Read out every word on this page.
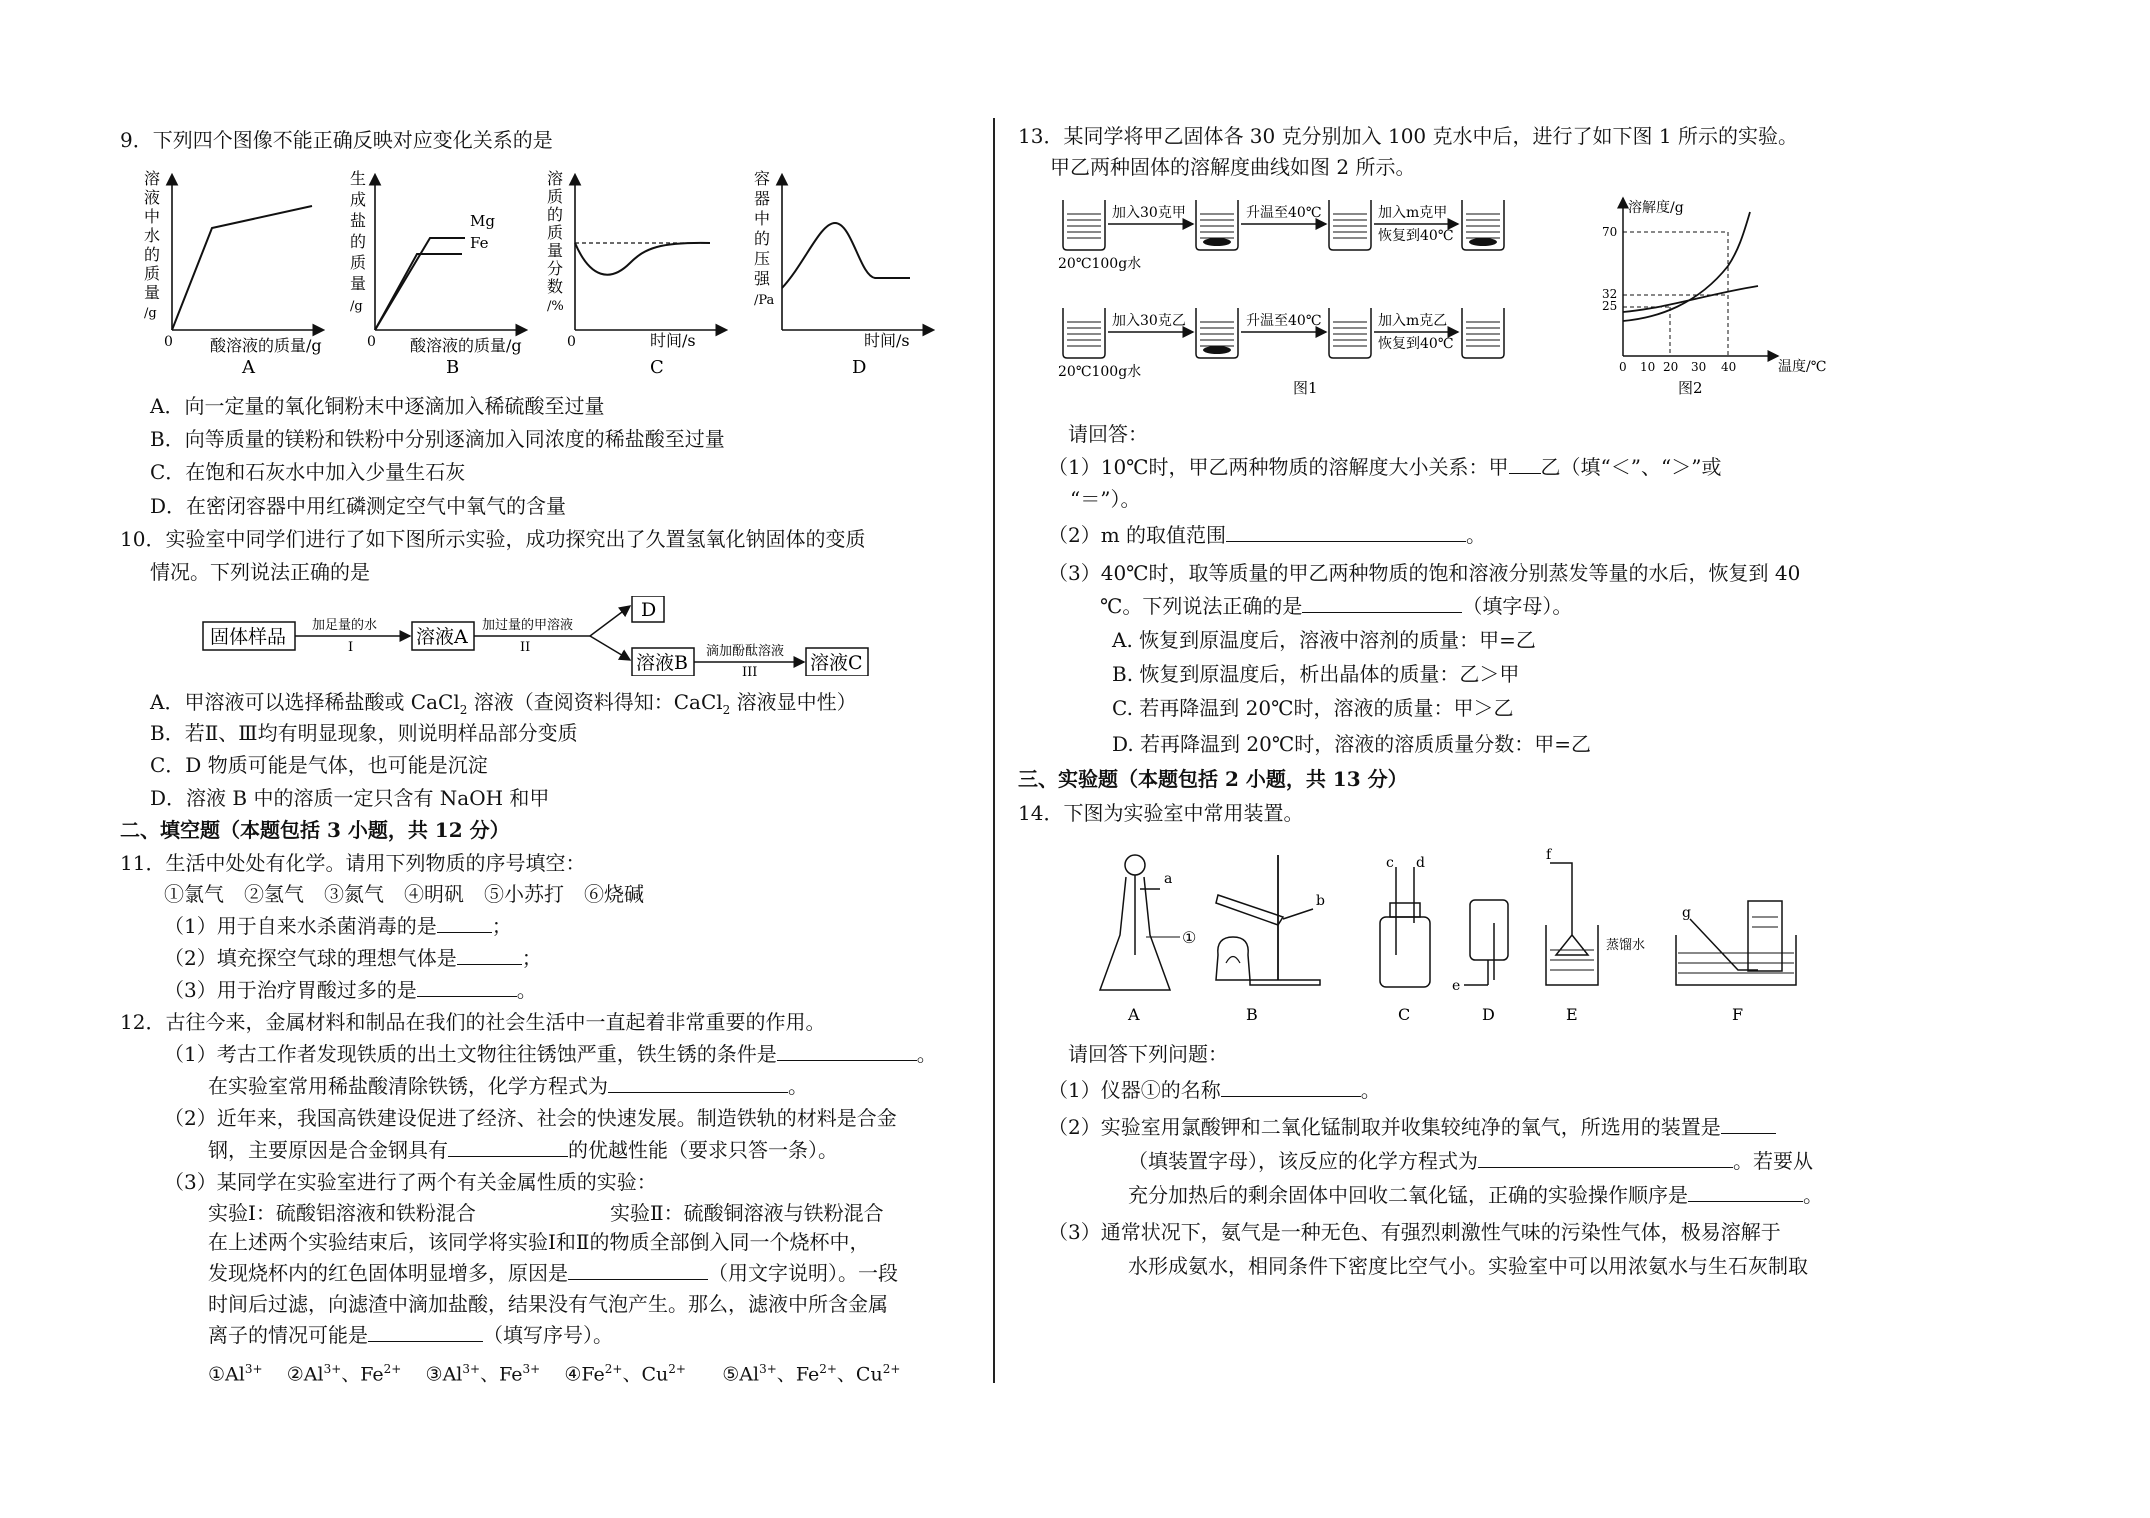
9．下列四个图像不能正确反映对应变化关系的是
0 酸溶液的质量/g
A
溶
液
中
水
的
质
量
/g
Mg
Fe
0 酸溶液的质量/g
B
生
成
盐
的
质
量
/g
0	时间/s
C
溶
质
的
质
量
分
数
/%
时间/s
D
容
器
中
的
压
强
/Pa
A．向一定量的氧化铜粉末中逐滴加入稀硫酸至过量
B．向等质量的镁粉和铁粉中分别逐滴加入同浓度的稀盐酸至过量
C．在饱和石灰水中加入少量生石灰
D．在密闭容器中用红磷测定空气中氧气的含量
10．实验室中同学们进行了如下图所示实验，成功探究出了久置氢氧化钠固体的变质
情况。下列说法正确的是
固体样品
加足量的水
I	溶液A
加过量的甲溶液
II
D
溶液B
滴加酚酞溶液
III	溶液C
A．甲溶液可以选择稀盐酸或 CaCl$_2$ 溶液（查阅资料得知：CaCl$_2$ 溶液显中性）
B．若Ⅱ、Ⅲ均有明显现象，则说明样品部分变质
C．D 物质可能是气体，也可能是沉淀
D．溶液 B 中的溶质一定只含有 NaOH 和甲
二、填空题（本题包括 3 小题，共 12 分）
11．生活中处处有化学。请用下列物质的序号填空：
①氯气　②氢气　③氮气　④明矾　⑤小苏打　⑥烧碱
（1）用于自来水杀菌消毒的是	；
（2）填充探空气球的理想气体是	；
（3）用于治疗胃酸过多的是	。
12．古往今来，金属材料和制品在我们的社会生活中一直起着非常重要的作用。
（1）考古工作者发现铁质的出土文物往往锈蚀严重，铁生锈的条件是	。
在实验室常用稀盐酸清除铁锈，化学方程式为	。
（2）近年来，我国高铁建设促进了经济、社会的快速发展。制造铁轨的材料是合金
钢，主要原因是合金钢具有	的优越性能（要求只答一条）。
（3）某同学在实验室进行了两个有关金属性质的实验：
实验Ⅰ：硫酸铝溶液和铁粉混合	实验Ⅱ：硫酸铜溶液与铁粉混合
在上述两个实验结束后，该同学将实验Ⅰ和Ⅱ的物质全部倒入同一个烧杯中，
发现烧杯内的红色固体明显增多，原因是	（用文字说明）。一段
时间后过滤，向滤渣中滴加盐酸，结果没有气泡产生。那么，滤液中所含金属
离子的情况可能是	（填写序号）。
$①Al^{3+}$ $②Al^{3+}$、$Fe^{2+}$ $③Al^{3+}$、$Fe^{3+}$ $④Fe^{2+}$、$Cu^{2+}$ $⑤Al^{3+}$、$Fe^{2+}$、$Cu^{2+}$
13．某同学将甲乙固体各 30 克分别加入 100 克水中后，进行了如下图 1 所示的实验。
甲乙两种固体的溶解度曲线如图 2 所示。
加入30克甲	升温至40℃	加入m克甲
恢复到40℃
20℃100g水
加入30克乙	升温至40℃	加入m克乙
恢复到40℃
20℃100g水
图1
溶解度/g
温度/℃
70
32
25
0 10 20 30 40
图2
请回答：
（1）10℃时，甲乙两种物质的溶解度大小关系：甲 乙（填“＜”、“＞”或
“＝”）。
（2）m 的取值范围	。
（3）40℃时，取等质量的甲乙两种物质的饱和溶液分别蒸发等量的水后，恢复到 40
℃。下列说法正确的是	（填字母）。
A. 恢复到原温度后，溶液中溶剂的质量：甲=乙
B. 恢复到原温度后，析出晶体的质量：乙＞甲
C. 若再降温到 20℃时，溶液的质量：甲＞乙
D. 若再降温到 20℃时，溶液的溶质质量分数：甲=乙
三、实验题（本题包括 2 小题，共 13 分）
14．下图为实验室中常用装置。
a
①
A
b
B
c d
C
e
D
f
蒸馏水
E
g
F
请回答下列问题：
（1）仪器①的名称	。
（2）实验室用氯酸钾和二氧化锰制取并收集较纯净的氧气，所选用的装置是
（填装置字母），该反应的化学方程式为	。若要从
充分加热后的剩余固体中回收二氧化锰，正确的实验操作顺序是	。
（3）通常状况下，氨气是一种无色、有强烈刺激性气味的污染性气体，极易溶解于
水形成氨水，相同条件下密度比空气小。实验室中可以用浓氨水与生石灰制取
